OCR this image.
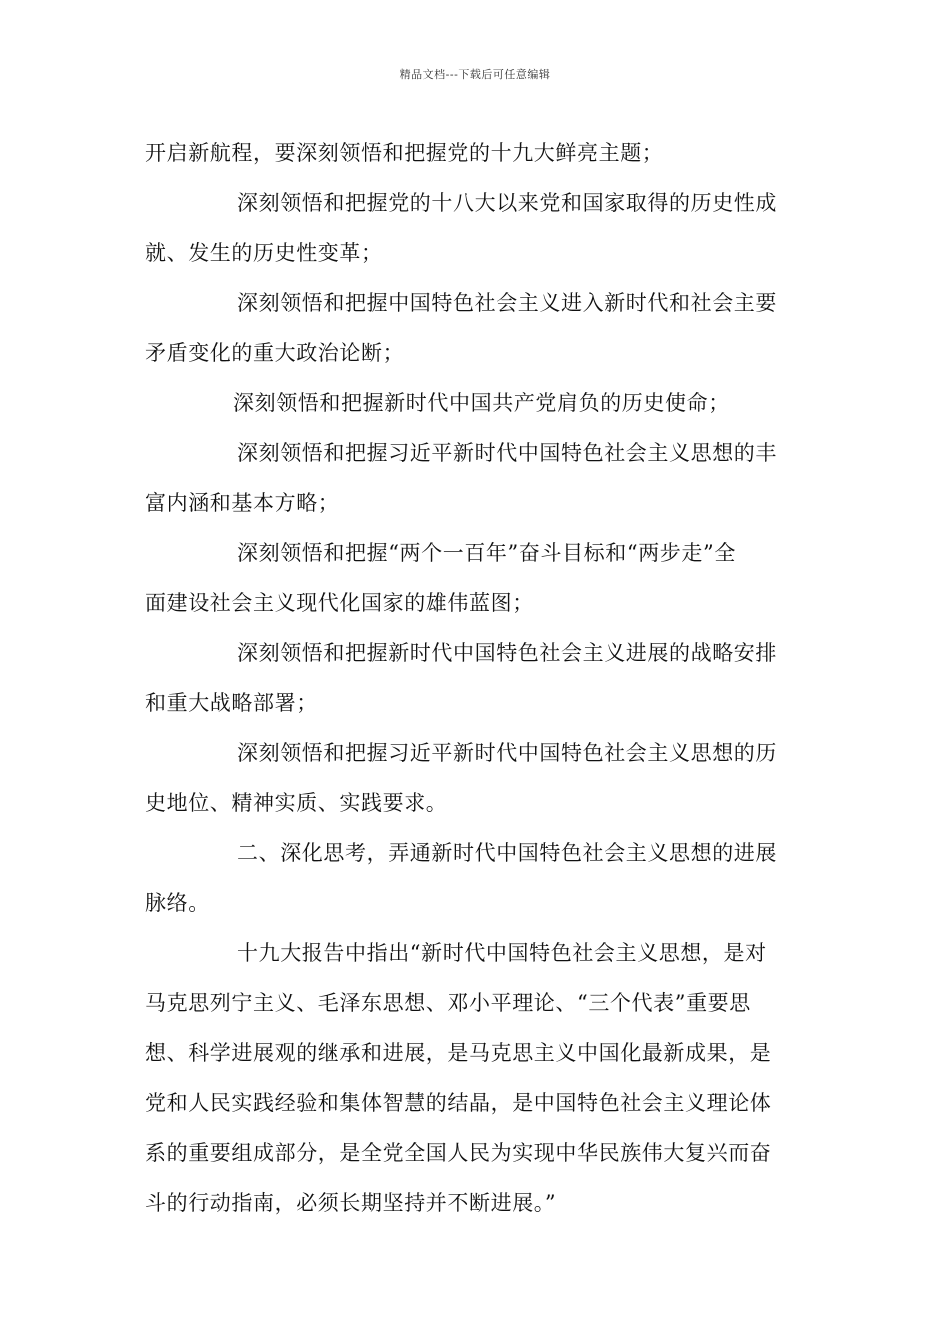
精品文档---下载后可任意编辑
开启新航程，要深刻领悟和把握党的十九大鲜亮主题；
深刻领悟和把握党的十八大以来党和国家取得的历史性成
就、发生的历史性变革；
深刻领悟和把握中国特色社会主义进入新时代和社会主要
矛盾变化的重大政治论断；
深刻领悟和把握新时代中国共产党肩负的历史使命；
深刻领悟和把握习近平新时代中国特色社会主义思想的丰
富内涵和基本方略；
深刻领悟和把握“两个一百年”奋斗目标和“两步走”全
面建设社会主义现代化国家的雄伟蓝图；
深刻领悟和把握新时代中国特色社会主义进展的战略安排
和重大战略部署；
深刻领悟和把握习近平新时代中国特色社会主义思想的历
史地位、精神实质、实践要求。
二、深化思考，弄通新时代中国特色社会主义思想的进展
脉络。
十九大报告中指出“新时代中国特色社会主义思想，是对
马克思列宁主义、毛泽东思想、邓小平理论、“三个代表”重要思
想、科学进展观的继承和进展，是马克思主义中国化最新成果，是
党和人民实践经验和集体智慧的结晶，是中国特色社会主义理论体
系的重要组成部分，是全党全国人民为实现中华民族伟大复兴而奋
斗的行动指南，必须长期坚持并不断进展。”
